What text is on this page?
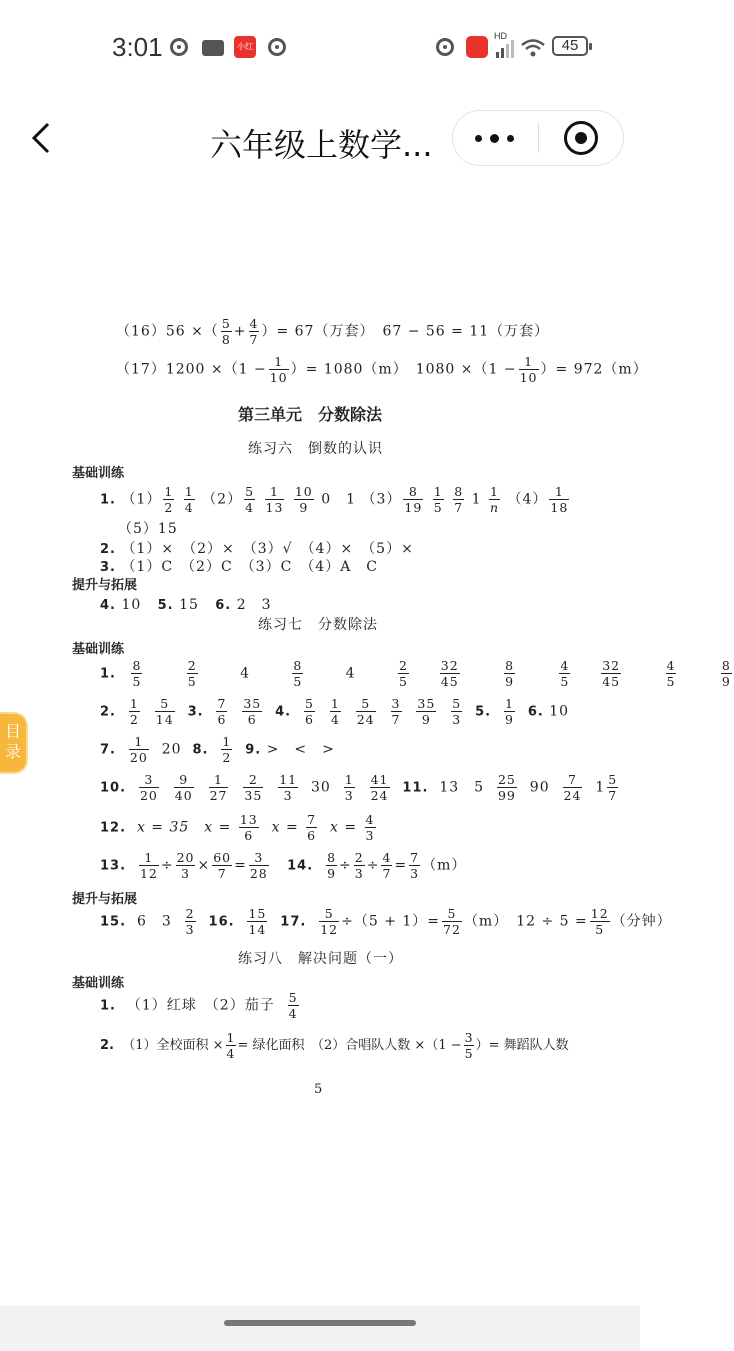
3:01	小红书
HD
45
六年级上数学...
目录
（16）56 ×（ $\frac{5}{8} + \frac{4}{7}$ ）= 67（万套）　67 − 56 = 11（万套）
$(17)1200 \times(1 - \frac{1}{10}$ ）= 1080（m）　$1080 \times(1 - \frac{1}{10}$ ）= 972（m）
第三单元　分数除法
练习六　倒数的认识
基础训练
1. $(1) \frac{1}{2}$
$\frac{1}{4} (2) \frac{5}{4}$
$\frac{1}{13}$
$\frac{10}{9} 0$　1 $(3) \frac{8}{19}$
$\frac{1}{5}$
$\frac{8}{7} 1 \frac{1}{n} (4) \frac{1}{18}$
（5）15
2. （1）×　（2）×　（3）√　（4）×　（5）×
3. （1）C　（2）C　（3）C　（4）A　C
提升与拓展
4. 10 5. 15 6. 2　3
练习七　分数除法
基础训练
1. $\frac{8}{5}$
	$\frac{2}{5}$	4	$\frac{8}{5}$	4	$\frac{2}{5}$
$\frac{32}{45}$
	$\frac{8}{9}$
	$\frac{4}{5}$
$\frac{32}{45}$
	$\frac{4}{5}$
	$\frac{8}{9}$
2. $\frac{1}{2}$
$\frac{5}{14} 3$. $\frac{7}{6}$
$\frac{35}{6} 4$. $\frac{5}{6}$
$\frac{1}{4}$
$\frac{5}{24}$
$\frac{3}{7}$
$\frac{35}{9}$
$\frac{5}{3} 5$. $\frac{1}{9} 6$. 10
7. $\frac{1}{20} 20$ 8. $\frac{1}{2} 9$. >　<　>
10. $\frac{3}{20}$
$\frac{9}{40}$
$\frac{1}{27}$
$\frac{2}{35}$
$\frac{11}{3} 30 \frac{1}{3}$
$\frac{41}{24} 11$. 13　$5 \frac{25}{99} 90 \frac{7}{24} 1 \frac{5}{7}$
12. x = 35　$x = \frac{13}{6}$ $x = \frac{7}{6}$ $x = \frac{4}{3}$
13. $\frac{1}{12} \div \frac{20}{3} \times \frac{60}{7} = \frac{3}{28} 14$. $\frac{8}{9} \div \frac{2}{3} \div \frac{4}{7} = \frac{7}{3} (m)$
提升与拓展
15. 6　$3 \frac{2}{3} 16$. $\frac{15}{14} 17$. $\frac{5}{12} \div(5 + 1)= \frac{5}{72} (m)$　$12 \div 5 = \frac{12}{5}$ （分钟）
练习八　解决问题（一）
基础训练
1. （1）红球　（2）茄子 $\frac{5}{4}$
2. （1）全校面积 × $\frac{1}{4}$ = 绿化面积　（2）合唱队人数 $\times(1 - \frac{3}{5}$ ）= 舞蹈队人数
5
